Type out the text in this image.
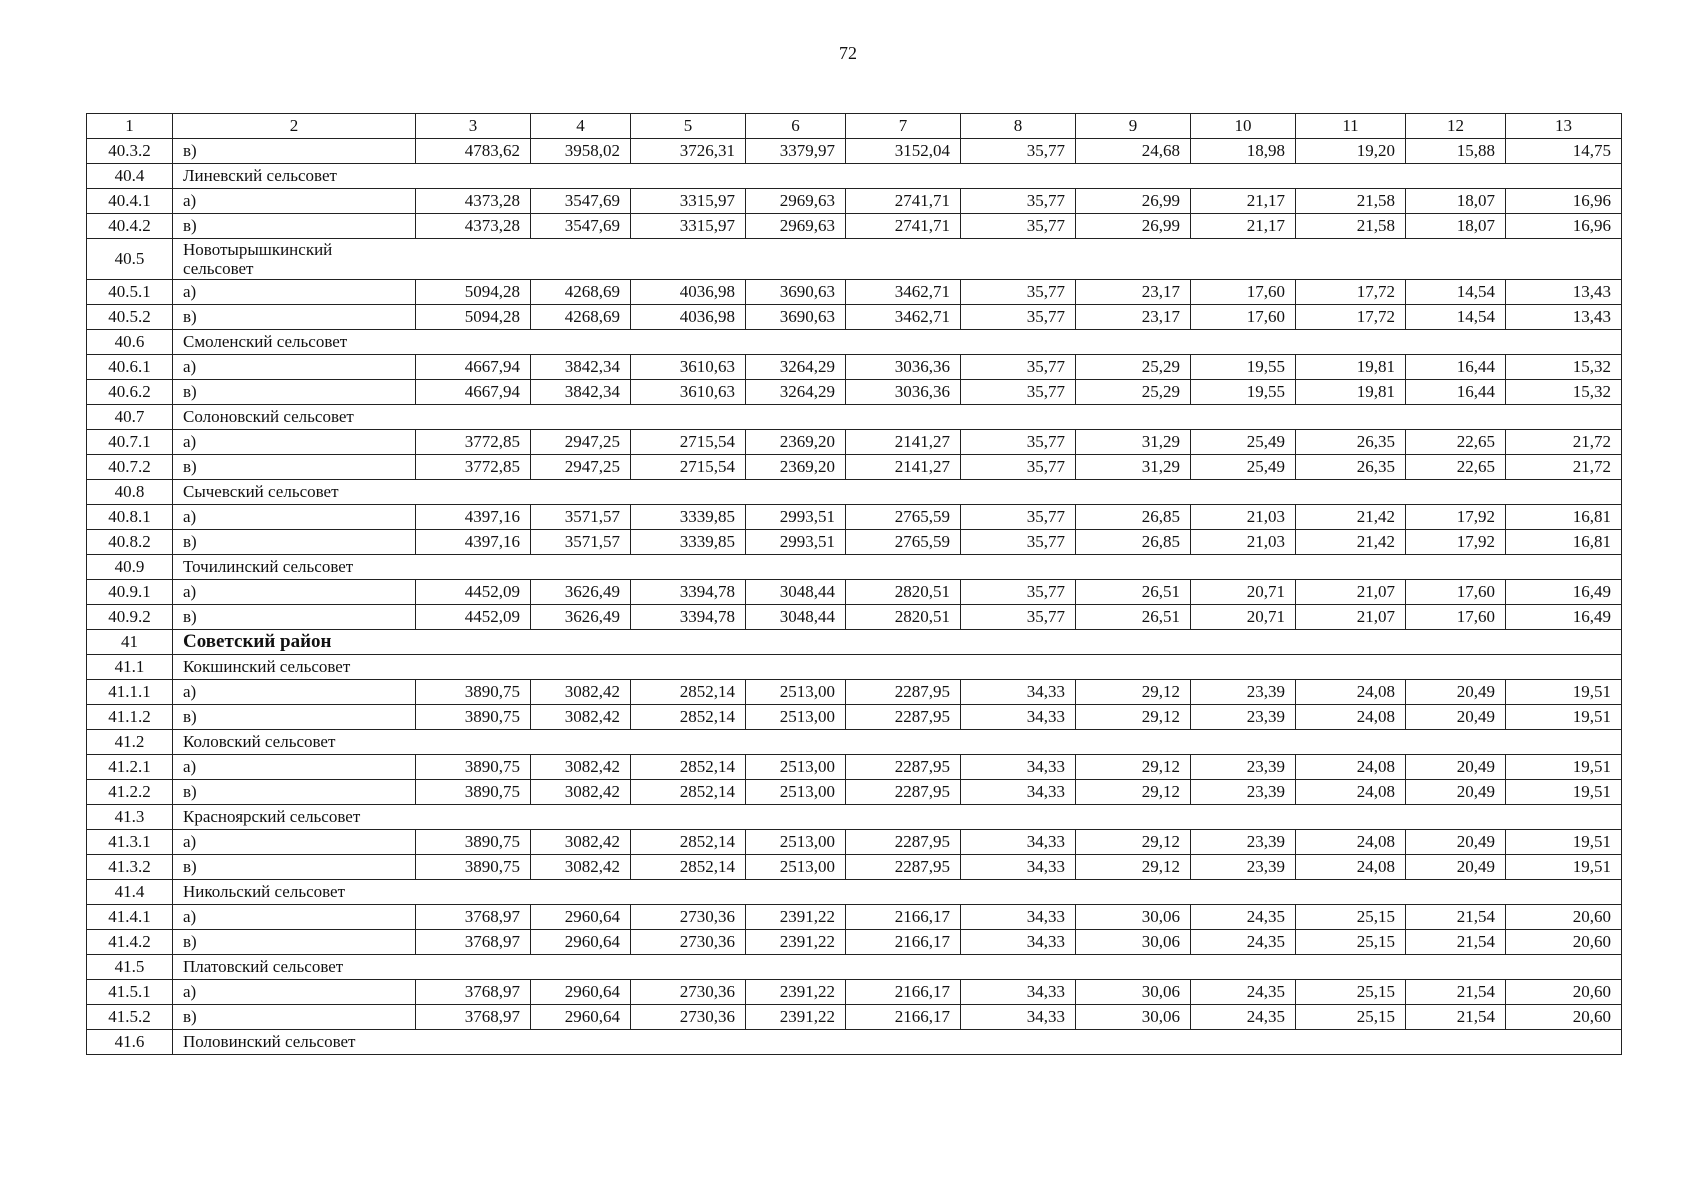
72
1	2	3	4	5	6	7	8	9	10	11	12	13
40.3.2	в)	4783,62	3958,02	3726,31	3379,97	3152,04	35,77	24,68	18,98	19,20	15,88	14,75
40.4	Линевский сельсовет											
40.4.1	а)	4373,28	3547,69	3315,97	2969,63	2741,71	35,77	26,99	21,17	21,58	18,07	16,96
40.4.2	в)	4373,28	3547,69	3315,97	2969,63	2741,71	35,77	26,99	21,17	21,58	18,07	16,96
40.5	Новотырышкинский сельсовет											
40.5.1	а)	5094,28	4268,69	4036,98	3690,63	3462,71	35,77	23,17	17,60	17,72	14,54	13,43
40.5.2	в)	5094,28	4268,69	4036,98	3690,63	3462,71	35,77	23,17	17,60	17,72	14,54	13,43
40.6	Смоленский сельсовет											
40.6.1	а)	4667,94	3842,34	3610,63	3264,29	3036,36	35,77	25,29	19,55	19,81	16,44	15,32
40.6.2	в)	4667,94	3842,34	3610,63	3264,29	3036,36	35,77	25,29	19,55	19,81	16,44	15,32
40.7	Солоновский сельсовет											
40.7.1	а)	3772,85	2947,25	2715,54	2369,20	2141,27	35,77	31,29	25,49	26,35	22,65	21,72
40.7.2	в)	3772,85	2947,25	2715,54	2369,20	2141,27	35,77	31,29	25,49	26,35	22,65	21,72
40.8	Сычевский сельсовет											
40.8.1	а)	4397,16	3571,57	3339,85	2993,51	2765,59	35,77	26,85	21,03	21,42	17,92	16,81
40.8.2	в)	4397,16	3571,57	3339,85	2993,51	2765,59	35,77	26,85	21,03	21,42	17,92	16,81
40.9	Точилинский сельсовет											
40.9.1	а)	4452,09	3626,49	3394,78	3048,44	2820,51	35,77	26,51	20,71	21,07	17,60	16,49
40.9.2	в)	4452,09	3626,49	3394,78	3048,44	2820,51	35,77	26,51	20,71	21,07	17,60	16,49
41	Советский район											
41.1	Кокшинский сельсовет											
41.1.1	а)	3890,75	3082,42	2852,14	2513,00	2287,95	34,33	29,12	23,39	24,08	20,49	19,51
41.1.2	в)	3890,75	3082,42	2852,14	2513,00	2287,95	34,33	29,12	23,39	24,08	20,49	19,51
41.2	Коловский сельсовет											
41.2.1	а)	3890,75	3082,42	2852,14	2513,00	2287,95	34,33	29,12	23,39	24,08	20,49	19,51
41.2.2	в)	3890,75	3082,42	2852,14	2513,00	2287,95	34,33	29,12	23,39	24,08	20,49	19,51
41.3	Красноярский сельсовет											
41.3.1	а)	3890,75	3082,42	2852,14	2513,00	2287,95	34,33	29,12	23,39	24,08	20,49	19,51
41.3.2	в)	3890,75	3082,42	2852,14	2513,00	2287,95	34,33	29,12	23,39	24,08	20,49	19,51
41.4	Никольский сельсовет											
41.4.1	а)	3768,97	2960,64	2730,36	2391,22	2166,17	34,33	30,06	24,35	25,15	21,54	20,60
41.4.2	в)	3768,97	2960,64	2730,36	2391,22	2166,17	34,33	30,06	24,35	25,15	21,54	20,60
41.5	Платовский сельсовет											
41.5.1	а)	3768,97	2960,64	2730,36	2391,22	2166,17	34,33	30,06	24,35	25,15	21,54	20,60
41.5.2	в)	3768,97	2960,64	2730,36	2391,22	2166,17	34,33	30,06	24,35	25,15	21,54	20,60
41.6	Половинский сельсовет											
